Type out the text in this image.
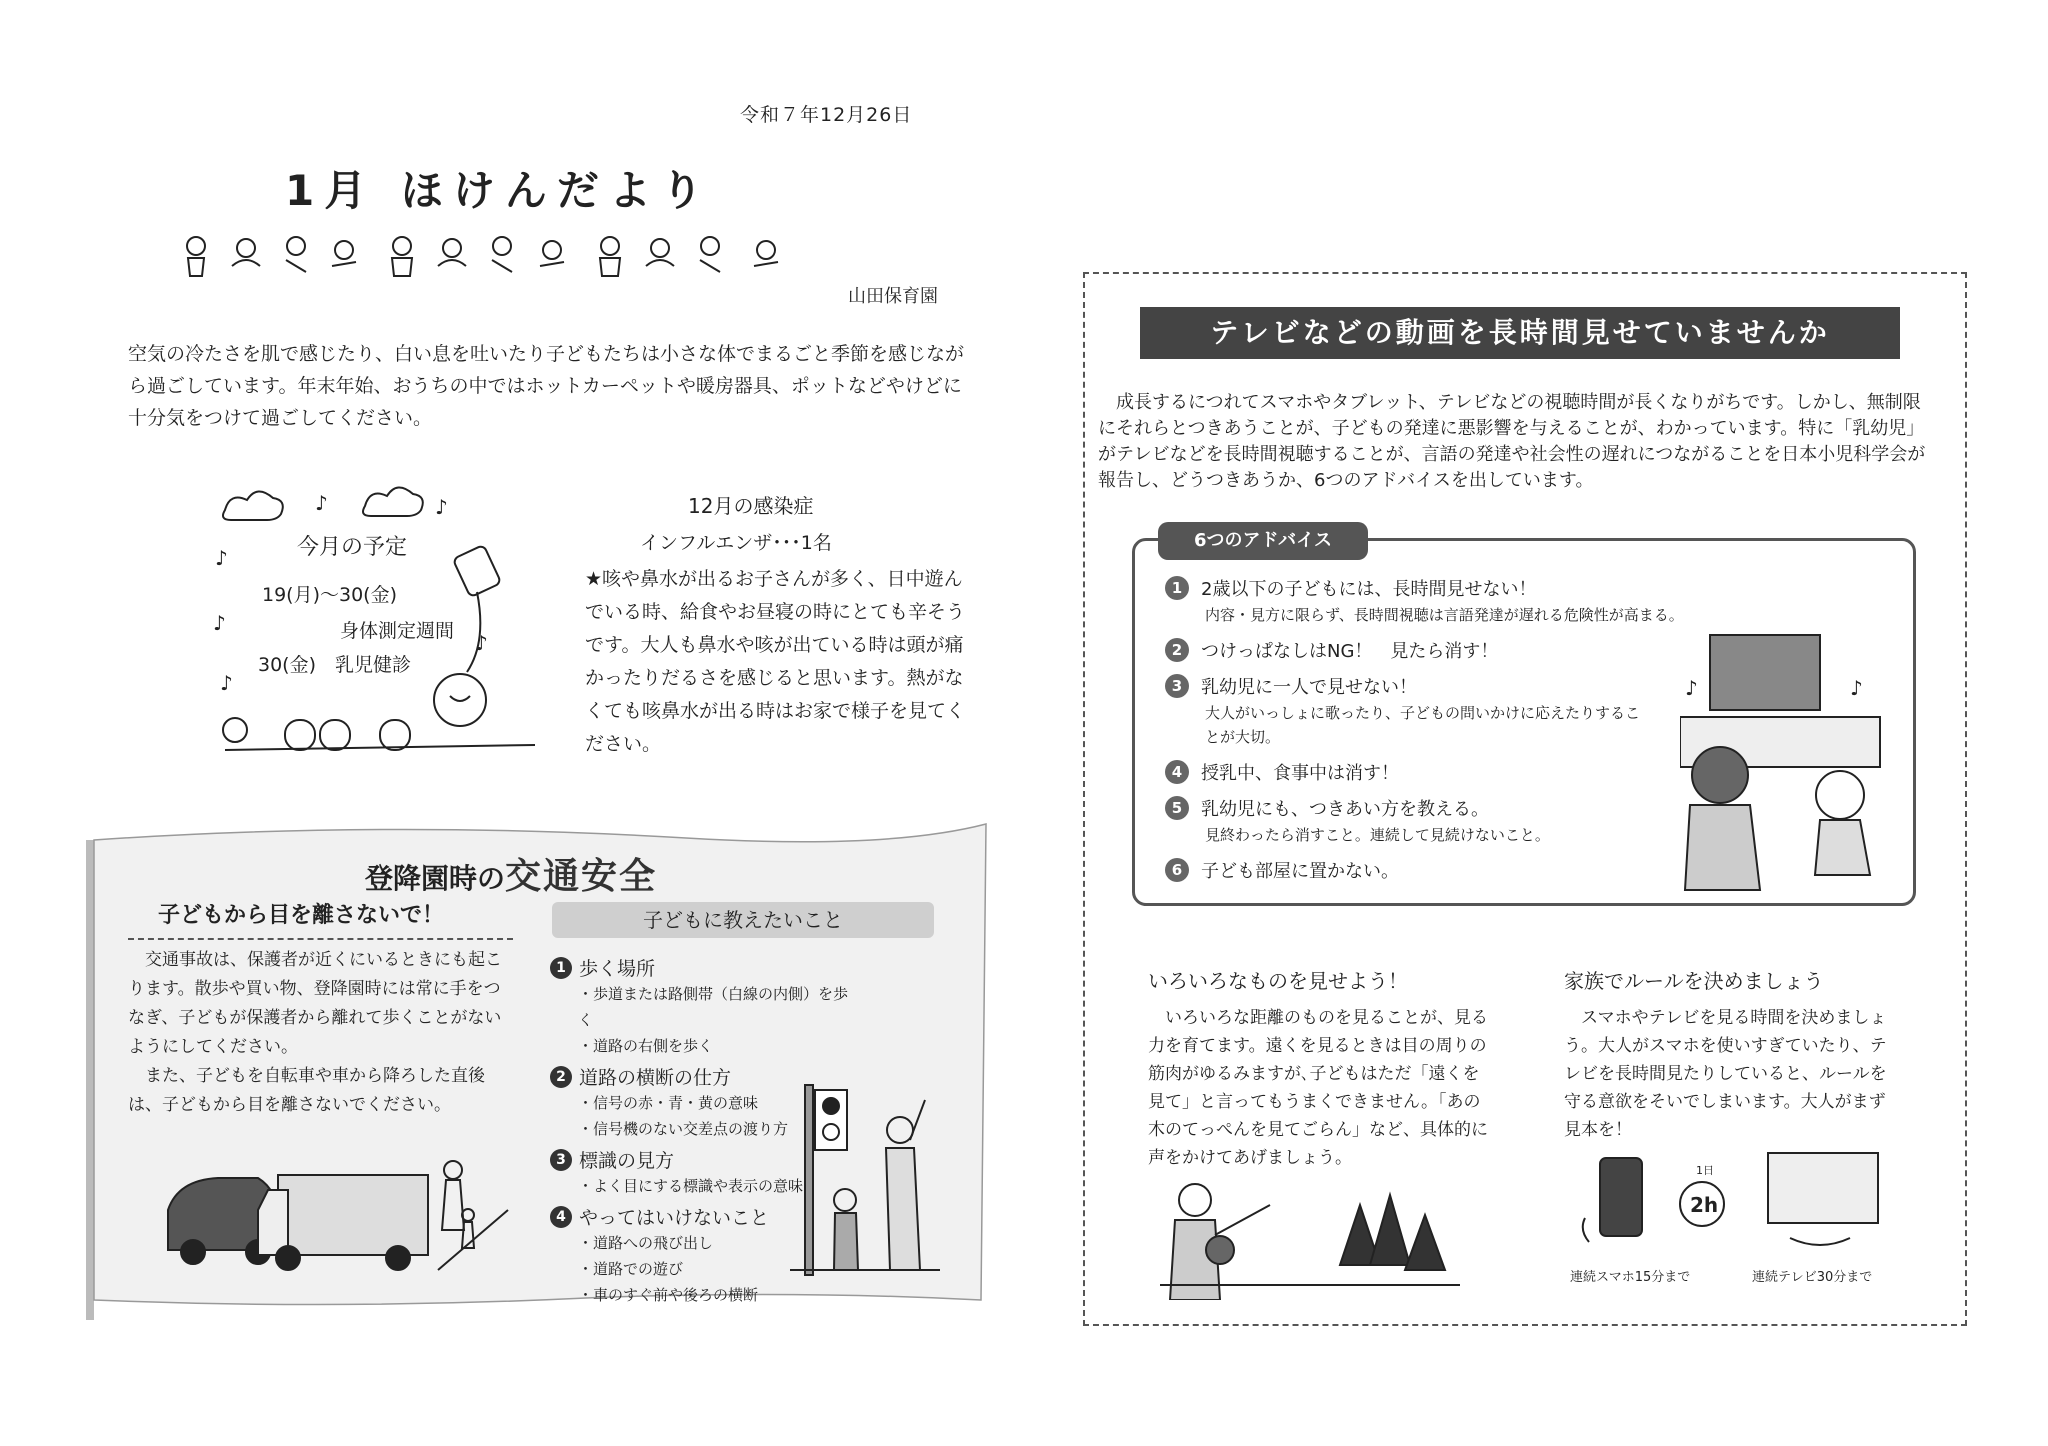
令和７年12月26日
1月 ほけんだより
山田保育園
空気の冷たさを肌で感じたり、白い息を吐いたり子どもたちは小さな体でまるごと季節を感じながら過ごしています。年末年始、おうちの中ではホットカーペットや暖房器具、ポットなどやけどに十分気をつけて過ごしてください。
♪	♪
♪
♪
♪
♪
今月の予定
19(月)～30(金)
身体測定週間
30(金)　乳児健診
12月の感染症
インフルエンザ･･･1名
★咳や鼻水が出るお子さんが多く、日中遊んでいる時、給食やお昼寝の時にとても辛そうです。大人も鼻水や咳が出ている時は頭が痛かったりだるさを感じると思います。熱がなくても咳鼻水が出る時はお家で様子を見てください。
登降園時の交通安全
子どもから目を離さないで！
交通事故は、保護者が近くにいるときにも起こります。散歩や買い物、登降園時には常に手をつなぎ、子どもが保護者から離れて歩くことがないようにしてください。
また、子どもを自転車や車から降ろした直後は、子どもから目を離さないでください。
子どもに教えたいこと
1 歩く場所
・歩道または路側帯（白線の内側）を歩く
・道路の右側を歩く
2 道路の横断の仕方
・信号の赤・青・黄の意味
・信号機のない交差点の渡り方
3 標識の見方
・よく目にする標識や表示の意味
4 やってはいけないこと
・道路への飛び出し
・道路での遊び
・車のすぐ前や後ろの横断
テレビなどの動画を長時間見せていませんか
成長するにつれてスマホやタブレット、テレビなどの視聴時間が長くなりがちです。しかし、無制限にそれらとつきあうことが、子どもの発達に悪影響を与えることが、わかっています。特に「乳幼児」がテレビなどを長時間視聴することが、言語の発達や社会性の遅れにつながることを日本小児科学会が報告し、どうつきあうか、6つのアドバイスを出しています。
6つのアドバイス
1	2歳以下の子どもには、長時間見せない！
内容・見方に限らず、長時間視聴は言語発達が遅れる危険性が高まる。
2	つけっぱなしはNG！　見たら消す！
3	乳幼児に一人で見せない！
大人がいっしょに歌ったり、子どもの問いかけに応えたりすることが大切。
4	授乳中、食事中は消す！
5	乳幼児にも、つきあい方を教える。
見終わったら消すこと。連続して見続けないこと。
6	子ども部屋に置かない。
♪	♪
いろいろなものを見せよう！
いろいろな距離のものを見ることが、見る力を育てます。遠くを見るときは目の周りの筋肉がゆるみますが､子どもはただ「遠くを見て」と言ってもうまくできません。「あの木のてっぺんを見てごらん」など、具体的に声をかけてあげましょう。
家族でルールを決めましょう
スマホやテレビを見る時間を決めましょう。大人がスマホを使いすぎていたり、テレビを長時間見たりしていると、ルールを守る意欲をそいでしまいます。大人がまず見本を！
1日
2h
連続スマホ15分まで	連続テレビ30分まで
